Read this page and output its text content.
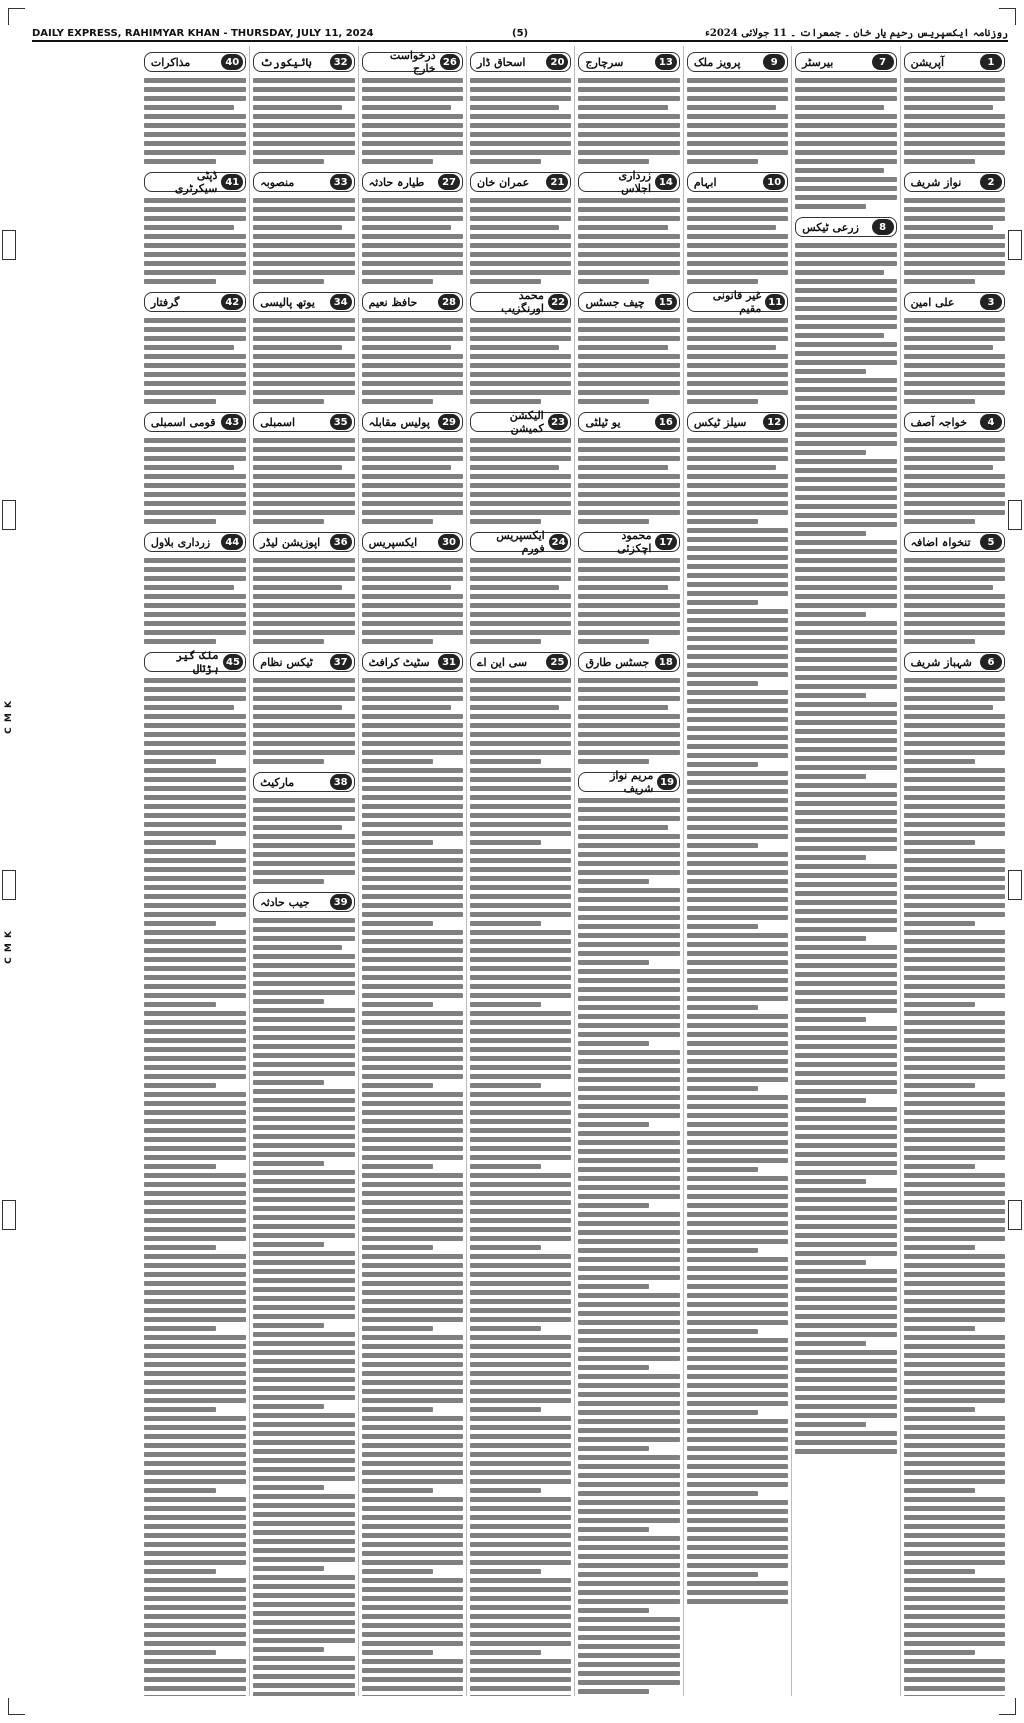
C M K
C M K
DAILY EXPRESS, RAHIMYAR KHAN - THURSDAY, JULY 11, 2024	(5)	روزنامہ ایکسپریس رحیم یار خان ۔ جمعرات ۔ 11 جولائی 2024ء
1
آپریشن
2
نواز شریف
3
علی امین
4
خواجہ آصف
5
تنخواہ اضافہ
6
شہباز شریف
7
بیرسٹر
8
زرعی ٹیکس
9
پرویز ملک
10
ابہام
11
غیر قانونی مقیم
12
سیلز ٹیکس
13
سرچارج
14
زرداری اجلاس
15
چیف جسٹس
16
یو ٹیلٹی
17
محمود اچکزئی
18
جسٹس طارق
19
مریم نواز شریف
20
اسحاق ڈار
21
عمران خان
22
محمد اورنگزیب
23
الیکشن کمیشن
24
ایکسپریس فورم
25
سی این اے
26
درخواست خارج
27
طیارہ حادثہ
28
حافظ نعیم
29
پولیس مقابلہ
30
ایکسپریس
31
سٹیٹ کرافٹ
32
ہائیکورٹ
33
منصوبہ
34
یوتھ پالیسی
35
اسمبلی
36
اپوزیشن لیڈر
37
ٹیکس نظام
38
مارکیٹ
39
جیب حادثہ
40
مذاکرات
41
ڈپٹی سیکرٹری
42
گرفتار
43
قومی اسمبلی
44
زرداری بلاول
45
ملک گیر ہڑتال
